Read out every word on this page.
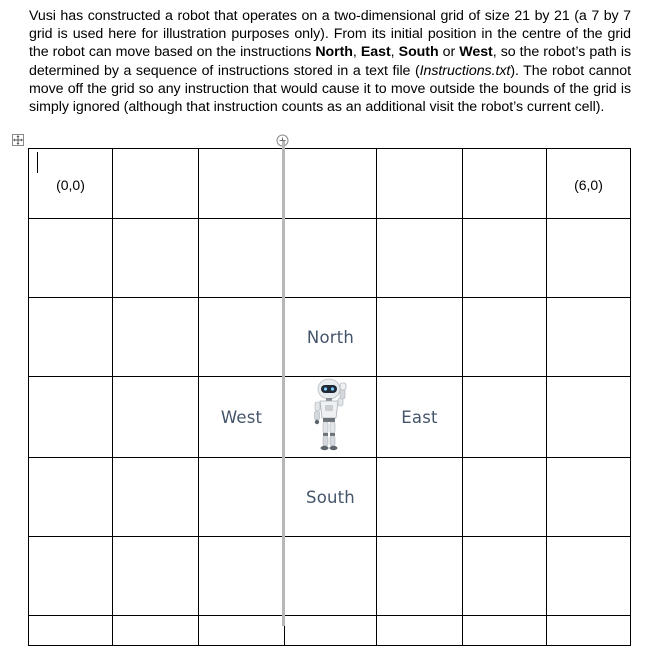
Vusi has constructed a robot that operates on a two-dimensional grid of size 21 by 21 (a 7 by 7 grid is used here for illustration purposes only). From its initial position in the centre of the grid the robot can move based on the instructions North, East, South or West, so the robot’s path is determined by a sequence of instructions stored in a text file (Instructions.txt). The robot cannot move off the grid so any instruction that would cause it to move outside the bounds of the grid is simply ignored (although that instruction counts as an additional visit the robot’s current cell).
(0,0)						(6,0)

			North			
		West		East		
			South			
